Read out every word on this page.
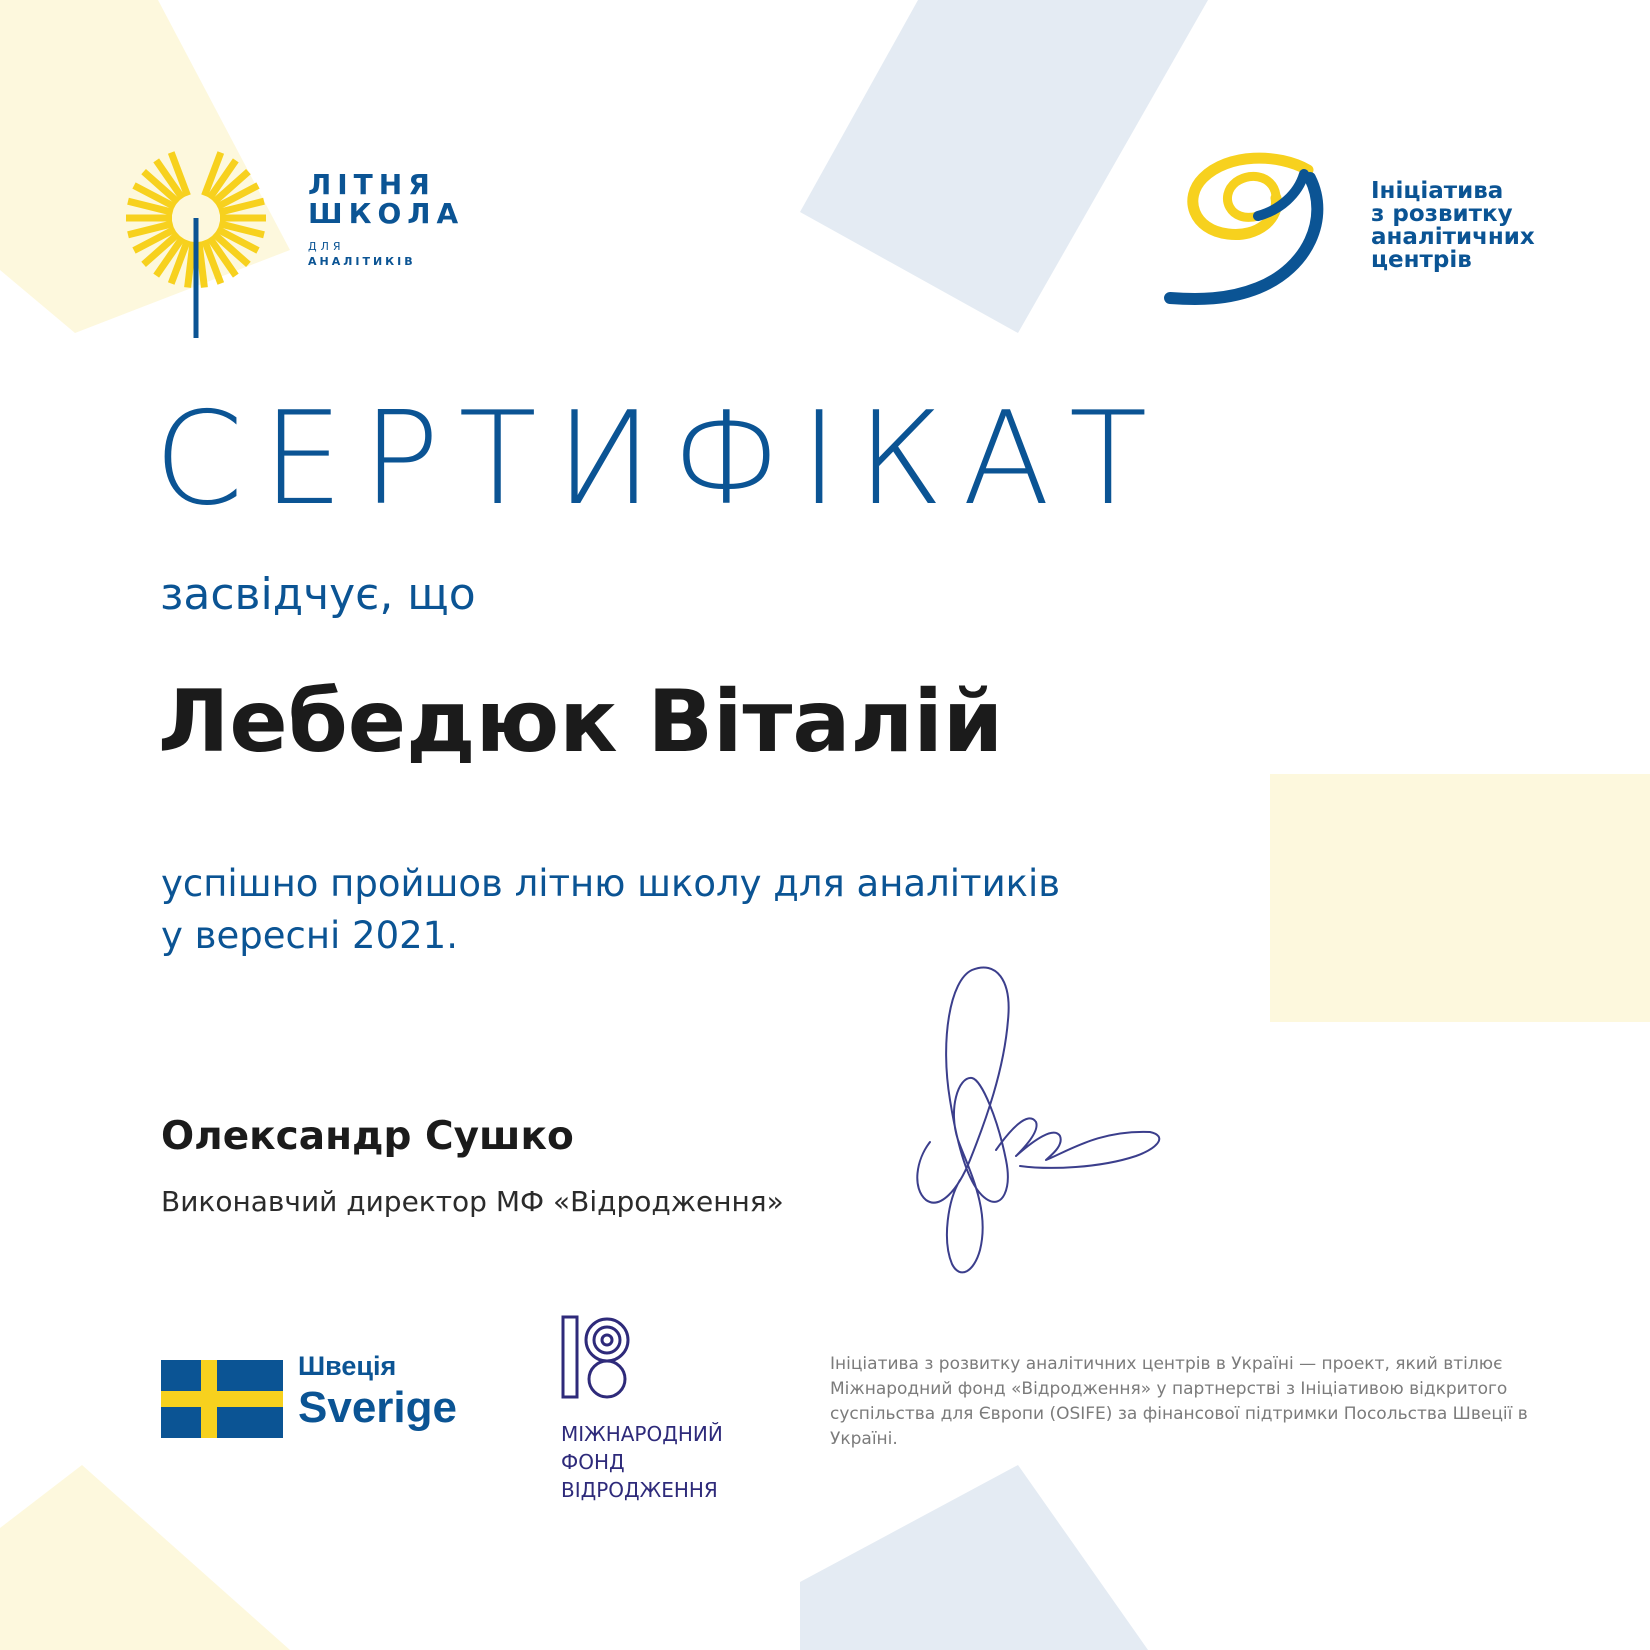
ЛІТНЯ
ШКОЛА
ДЛЯ
АНАЛІТИКІВ
Ініціатива
з розвитку
аналітичних
центрів
СЕРТИФІКАТ
засвідчує, що
Лебедюк Віталій
успішно пройшов літню школу для аналітиків
у вересні 2021.
Олександр Сушко
Виконавчий директор МФ «Відродження»
Швеція
Sverige
МІЖНАРОДНИЙ
ФОНД
ВІДРОДЖЕННЯ
Ініціатива з розвитку аналітичних центрів в Україні — проект, який втілює Міжнародний фонд «Відродження» у партнерстві з Ініціативою відкритого суспільства для Європи (OSIFE) за фінансової підтримки Посольства Швеції в Україні.
